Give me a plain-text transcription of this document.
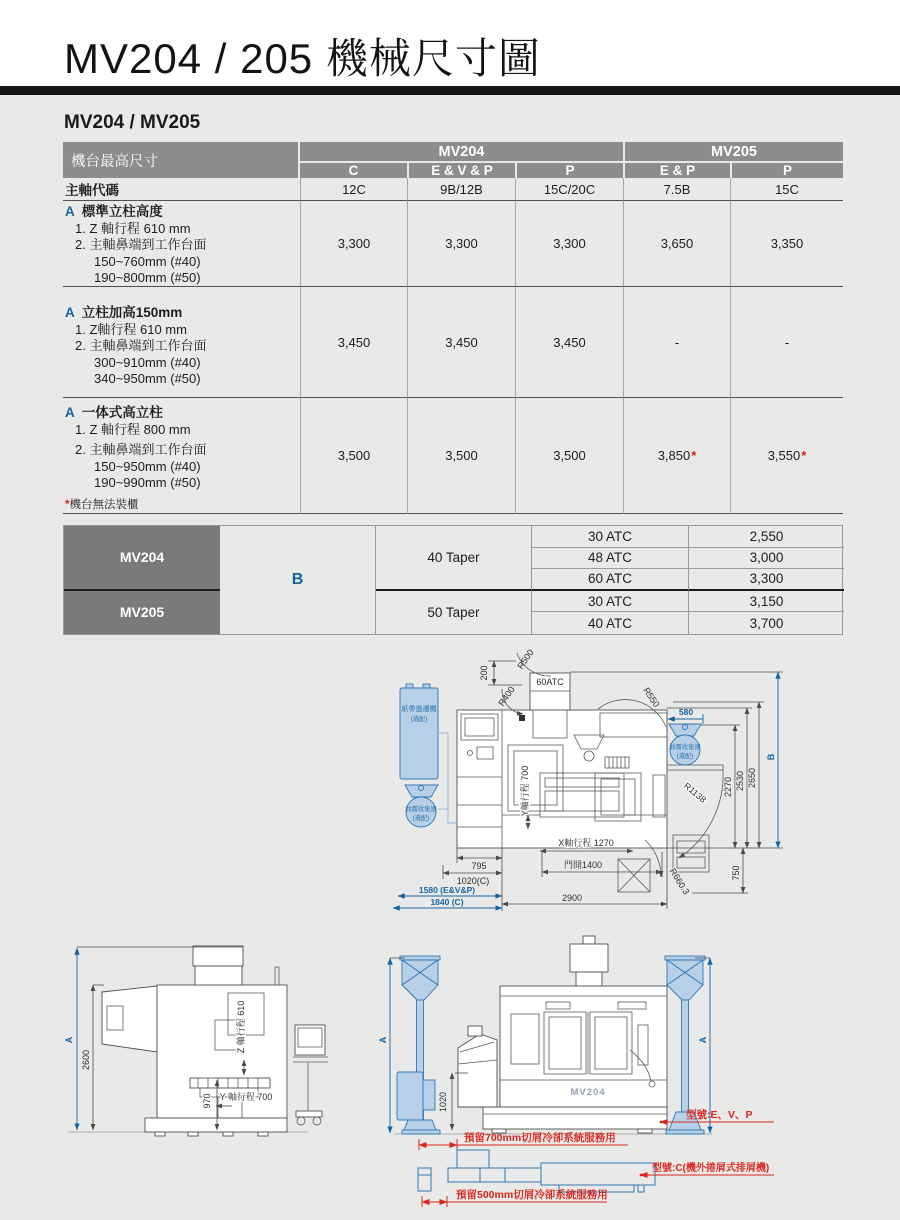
MV204 / 205 機械尺寸圖
MV204 / MV205
機台最高尺寸
MV204	MV205
C	E & V & P	P	E & P	P
主軸代碼	12C	9B/12B	15C/20C	7.5B	15C
A 標準立柱高度
1. Z 軸行程 610 mm
2. 主軸鼻端到工作台面
150~760mm (#40)
190~800mm (#50)
3,300	3,300	3,300	3,650	3,350
A 立柱加高150mm
1. Z軸行程 610 mm
2. 主軸鼻端到工作台面
300~910mm (#40)
340~950mm (#50)
3,450	3,450	3,450	-	-
A 一体式高立柱
1. Z 軸行程 800 mm
2. 主軸鼻端到工作台面
150~950mm (#40)
190~990mm (#50)
3,500	3,500	3,500	3,850 *	3,550 *
*機台無法裝櫃
MV204
MV205
B
40 Taper
50 Taper
30 ATC	2,550
48 ATC	3,000
60 ATC	3,300
30 ATC	3,150
40 ATC	3,700
紙帶過濾機
(選配)
油霧收集器
(選配)
油霧收集器
(選配)
200
R500
60ATC
R400	R550
R1138
R660.3
580
Y軸行程 700
X軸行程 1270
2270 2530 2650
B
750
795
1020(C)
1580 (E&V&P)
1840 (C)
門開1400
2900
A
2600
Z 軸行程 610
970 Y 軸行程 700
A
MV204
1020
A
預留700mm切屑冷卻系統服務用
型號:E、V、P
型號:C(機外捲屑式排屑機)
預留500mm切屑冷卻系統服務用
